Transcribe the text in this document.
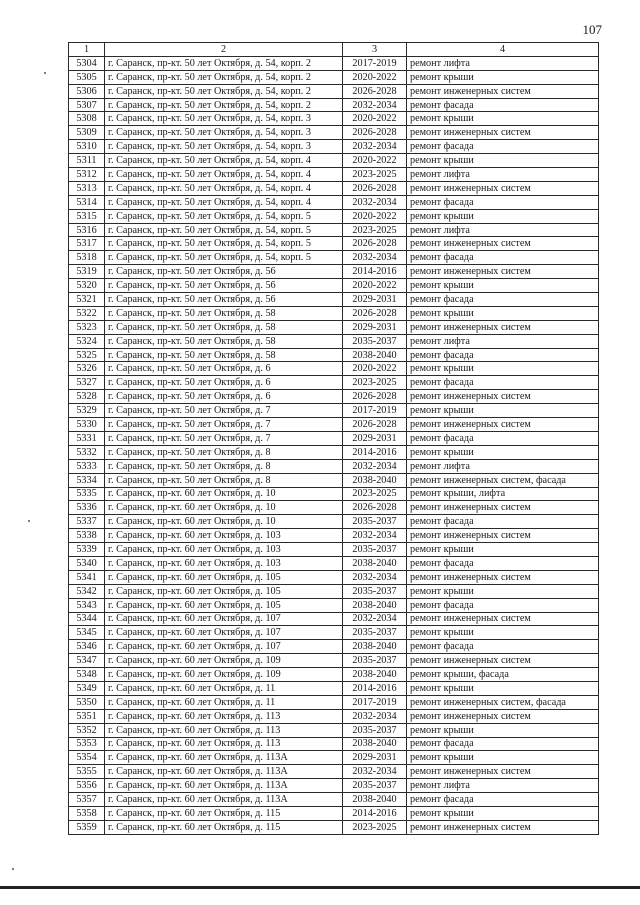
107
1	2	3	4
5304	г. Саранск, пр-кт. 50 лет Октября, д. 54, корп. 2	2017-2019	ремонт лифта
5305	г. Саранск, пр-кт. 50 лет Октября, д. 54, корп. 2	2020-2022	ремонт крыши
5306	г. Саранск, пр-кт. 50 лет Октября, д. 54, корп. 2	2026-2028	ремонт инженерных систем
5307	г. Саранск, пр-кт. 50 лет Октября, д. 54, корп. 2	2032-2034	ремонт фасада
5308	г. Саранск, пр-кт. 50 лет Октября, д. 54, корп. 3	2020-2022	ремонт крыши
5309	г. Саранск, пр-кт. 50 лет Октября, д. 54, корп. 3	2026-2028	ремонт инженерных систем
5310	г. Саранск, пр-кт. 50 лет Октября, д. 54, корп. 3	2032-2034	ремонт фасада
5311	г. Саранск, пр-кт. 50 лет Октября, д. 54, корп. 4	2020-2022	ремонт крыши
5312	г. Саранск, пр-кт. 50 лет Октября, д. 54, корп. 4	2023-2025	ремонт лифта
5313	г. Саранск, пр-кт. 50 лет Октября, д. 54, корп. 4	2026-2028	ремонт инженерных систем
5314	г. Саранск, пр-кт. 50 лет Октября, д. 54, корп. 4	2032-2034	ремонт фасада
5315	г. Саранск, пр-кт. 50 лет Октября, д. 54, корп. 5	2020-2022	ремонт крыши
5316	г. Саранск, пр-кт. 50 лет Октября, д. 54, корп. 5	2023-2025	ремонт лифта
5317	г. Саранск, пр-кт. 50 лет Октября, д. 54, корп. 5	2026-2028	ремонт инженерных систем
5318	г. Саранск, пр-кт. 50 лет Октября, д. 54, корп. 5	2032-2034	ремонт фасада
5319	г. Саранск, пр-кт. 50 лет Октября, д. 56	2014-2016	ремонт инженерных систем
5320	г. Саранск, пр-кт. 50 лет Октября, д. 56	2020-2022	ремонт крыши
5321	г. Саранск, пр-кт. 50 лет Октября, д. 56	2029-2031	ремонт фасада
5322	г. Саранск, пр-кт. 50 лет Октября, д. 58	2026-2028	ремонт крыши
5323	г. Саранск, пр-кт. 50 лет Октября, д. 58	2029-2031	ремонт инженерных систем
5324	г. Саранск, пр-кт. 50 лет Октября, д. 58	2035-2037	ремонт лифта
5325	г. Саранск, пр-кт. 50 лет Октября, д. 58	2038-2040	ремонт фасада
5326	г. Саранск, пр-кт. 50 лет Октября, д. 6	2020-2022	ремонт крыши
5327	г. Саранск, пр-кт. 50 лет Октября, д. 6	2023-2025	ремонт фасада
5328	г. Саранск, пр-кт. 50 лет Октября, д. 6	2026-2028	ремонт инженерных систем
5329	г. Саранск, пр-кт. 50 лет Октября, д. 7	2017-2019	ремонт крыши
5330	г. Саранск, пр-кт. 50 лет Октября, д. 7	2026-2028	ремонт инженерных систем
5331	г. Саранск, пр-кт. 50 лет Октября, д. 7	2029-2031	ремонт фасада
5332	г. Саранск, пр-кт. 50 лет Октября, д. 8	2014-2016	ремонт крыши
5333	г. Саранск, пр-кт. 50 лет Октября, д. 8	2032-2034	ремонт лифта
5334	г. Саранск, пр-кт. 50 лет Октября, д. 8	2038-2040	ремонт инженерных систем, фасада
5335	г. Саранск, пр-кт. 60 лет Октября, д. 10	2023-2025	ремонт крыши, лифта
5336	г. Саранск, пр-кт. 60 лет Октября, д. 10	2026-2028	ремонт инженерных систем
5337	г. Саранск, пр-кт. 60 лет Октября, д. 10	2035-2037	ремонт фасада
5338	г. Саранск, пр-кт. 60 лет Октября, д. 103	2032-2034	ремонт инженерных систем
5339	г. Саранск, пр-кт. 60 лет Октября, д. 103	2035-2037	ремонт крыши
5340	г. Саранск, пр-кт. 60 лет Октября, д. 103	2038-2040	ремонт фасада
5341	г. Саранск, пр-кт. 60 лет Октября, д. 105	2032-2034	ремонт инженерных систем
5342	г. Саранск, пр-кт. 60 лет Октября, д. 105	2035-2037	ремонт крыши
5343	г. Саранск, пр-кт. 60 лет Октября, д. 105	2038-2040	ремонт фасада
5344	г. Саранск, пр-кт. 60 лет Октября, д. 107	2032-2034	ремонт инженерных систем
5345	г. Саранск, пр-кт. 60 лет Октября, д. 107	2035-2037	ремонт крыши
5346	г. Саранск, пр-кт. 60 лет Октября, д. 107	2038-2040	ремонт фасада
5347	г. Саранск, пр-кт. 60 лет Октября, д. 109	2035-2037	ремонт инженерных систем
5348	г. Саранск, пр-кт. 60 лет Октября, д. 109	2038-2040	ремонт крыши, фасада
5349	г. Саранск, пр-кт. 60 лет Октября, д. 11	2014-2016	ремонт крыши
5350	г. Саранск, пр-кт. 60 лет Октября, д. 11	2017-2019	ремонт инженерных систем, фасада
5351	г. Саранск, пр-кт. 60 лет Октября, д. 113	2032-2034	ремонт инженерных систем
5352	г. Саранск, пр-кт. 60 лет Октября, д. 113	2035-2037	ремонт крыши
5353	г. Саранск, пр-кт. 60 лет Октября, д. 113	2038-2040	ремонт фасада
5354	г. Саранск, пр-кт. 60 лет Октября, д. 113А	2029-2031	ремонт крыши
5355	г. Саранск, пр-кт. 60 лет Октября, д. 113А	2032-2034	ремонт инженерных систем
5356	г. Саранск, пр-кт. 60 лет Октября, д. 113А	2035-2037	ремонт лифта
5357	г. Саранск, пр-кт. 60 лет Октября, д. 113А	2038-2040	ремонт фасада
5358	г. Саранск, пр-кт. 60 лет Октября, д. 115	2014-2016	ремонт крыши
5359	г. Саранск, пр-кт. 60 лет Октября, д. 115	2023-2025	ремонт инженерных систем
